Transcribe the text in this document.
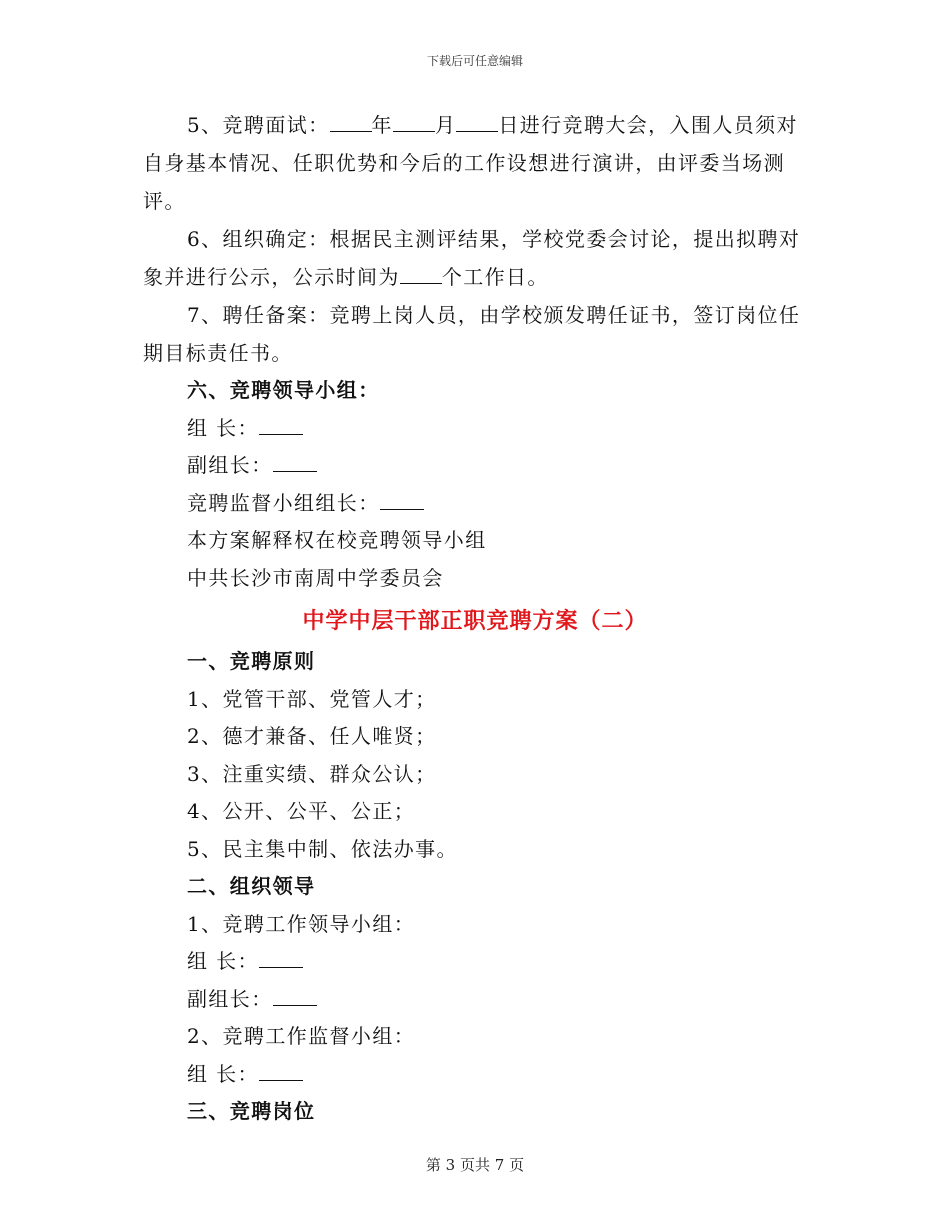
下载后可任意编辑

5、竞聘面试： 年 月 日进行竞聘大会，入围人员须对自身基本情况、任职优势和今后的工作设想进行演讲，由评委当场测评。

6、组织确定：根据民主测评结果，学校党委会讨论，提出拟聘对象并进行公示，公示时间为 个工作日。

7、聘任备案：竞聘上岗人员，由学校颁发聘任证书，签订岗位任期目标责任书。

六、竞聘领导小组：

组 长：

副组长：

竞聘监督小组组长：

本方案解释权在校竞聘领导小组

中共长沙市南周中学委员会

中学中层干部正职竞聘方案（二）

一、竞聘原则

1、党管干部、党管人才；

2、德才兼备、任人唯贤；

3、注重实绩、群众公认；

4、公开、公平、公正；

5、民主集中制、依法办事。

二、组织领导

1、竞聘工作领导小组：

组 长：

副组长：

2、竞聘工作监督小组：

组 长：

三、竞聘岗位

第 3 页共 7 页
